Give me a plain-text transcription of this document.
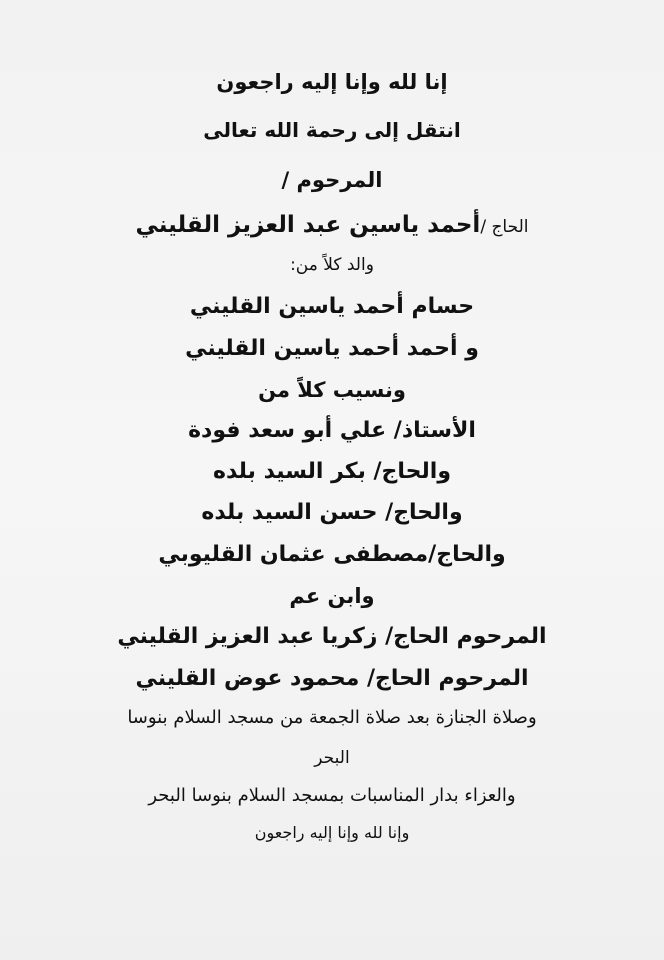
إنا لله وإنا إليه راجعون
انتقل إلى رحمة الله تعالى
المرحوم /
الحاج /أحمد ياسين عبد العزيز القليني
والد كلاً من:
حسام أحمد ياسين القليني
و أحمد أحمد ياسين القليني
ونسيب كلاً من
الأستاذ/ علي أبو سعد فودة
والحاج/ بكر السيد بلده
والحاج/ حسن السيد بلده
والحاج/مصطفى عثمان القليوبي
وابن عم
المرحوم الحاج/ زكريا عبد العزيز القليني
المرحوم الحاج/ محمود عوض القليني
وصلاة الجنازة بعد صلاة الجمعة من مسجد السلام بنوسا
البحر
والعزاء بدار المناسبات بمسجد السلام بنوسا البحر
وإنا لله وإنا إليه راجعون
